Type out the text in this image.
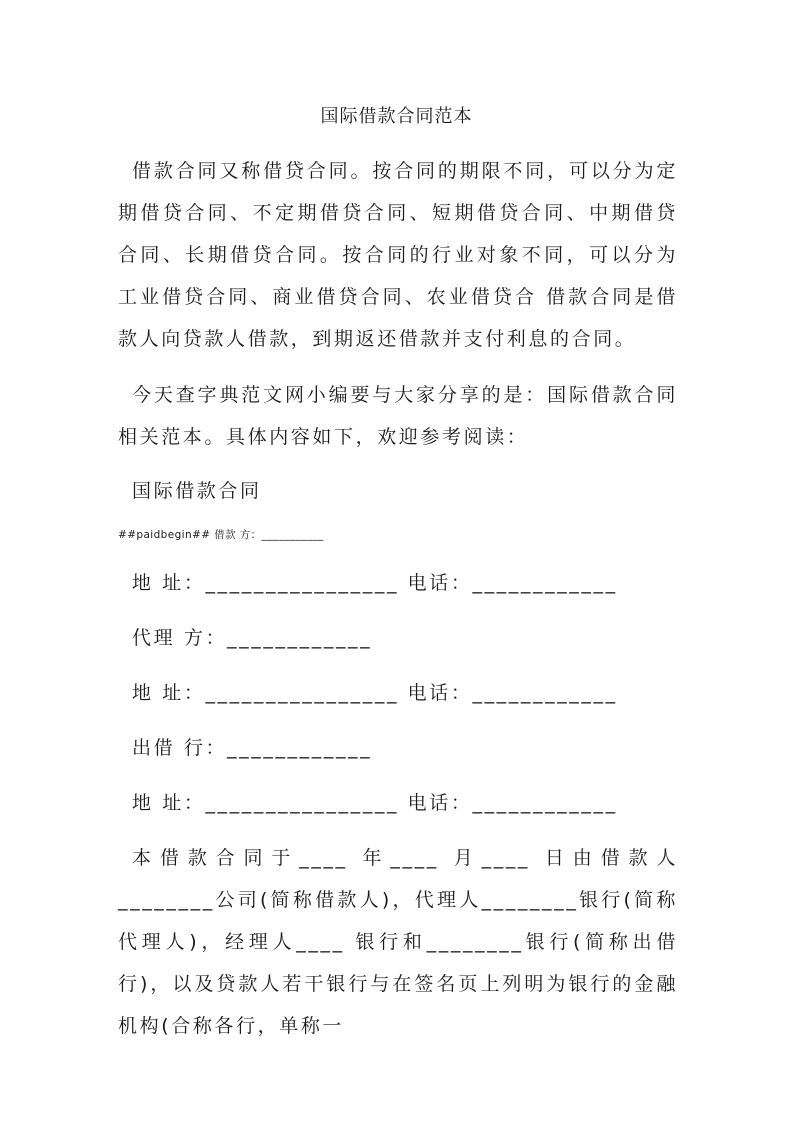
国际借款合同范本
借款合同又称借贷合同。按合同的期限不同，可以分为定期借贷合同、不定期借贷合同、短期借贷合同、中期借贷合同、长期借贷合同。按合同的行业对象不同，可以分为工业借贷合同、商业借贷合同、农业借贷合 借款合同是借款人向贷款人借款，到期返还借款并支付利息的合同。
今天查字典范文网小编要与大家分享的是：国际借款合同相关范本。具体内容如下，欢迎参考阅读：
国际借款合同
##paidbegin## 借款 方：___________
地 址：________________ 电话：____________
代理 方：____________
地 址：________________ 电话：____________
出借 行：____________
地 址：________________ 电话：____________
本借款合同于____ 年____ 月____ 日由借款人________公司(简称借款人)，代理人________银行(简称代理人)，经理人____ 银行和________银行(简称出借行)，以及贷款人若干银行与在签名页上列明为银行的金融机构(合称各行，单称一
